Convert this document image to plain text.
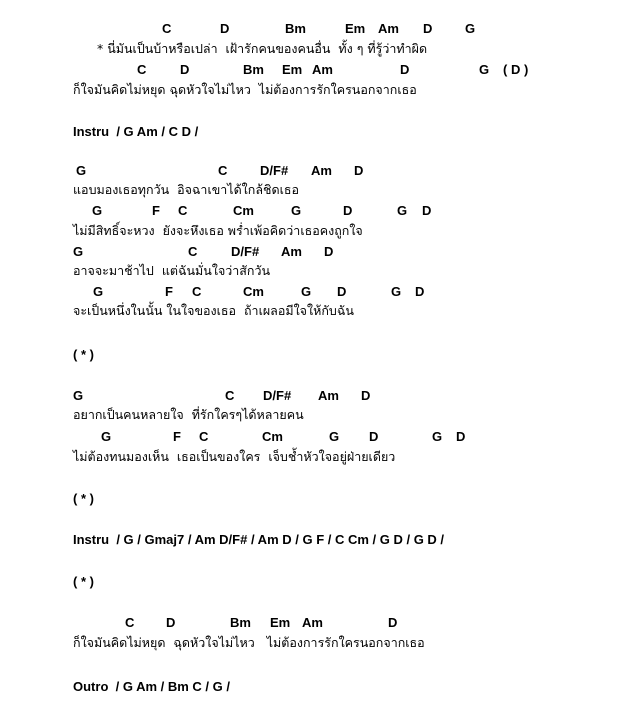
C	D	Bm	Em Am D	G
C	D	Bm Em Am	D	G ( D )
G	C	D/F# Am D
G	F C	Cm	G	D	G D
G	C	D/F# Am D
G	F C	Cm	G D	G D
G	C D/F# Am D
G	F C	Cm	G D	G D
C D	Bm Em Am	D
* นี่มันเป็นบ้าหรือเปล่า  เฝ้ารักคนของคนอื่น  ทั้ง ๆ ที่รู้ว่าทำผิด
ก็ใจมันคิดไม่หยุด ฉุดหัวใจไม่ไหว  ไม่ต้องการรักใครนอกจากเธอ
แอบมองเธอทุกวัน  อิจฉาเขาได้ใกล้ชิดเธอ
ไม่มีสิทธิ์จะหวง  ยังจะหึงเธอ พร่ำเพ้อคิดว่าเธอคงถูกใจ
อาจจะมาช้าไป  แต่ฉันมั่นใจว่าสักวัน
จะเป็นหนึ่งในนั้น ในใจของเธอ  ถ้าเผลอมีใจให้กับฉัน
อยากเป็นคนหลายใจ  ที่รักใครๆได้หลายคน
ไม่ต้องทนมองเห็น  เธอเป็นของใคร  เจ็บช้ำหัวใจอยู่ฝ่ายเดียว
ก็ใจมันคิดไม่หยุด  ฉุดหัวใจไม่ไหว   ไม่ต้องการรักใครนอกจากเธอ
Instru  / G Am / C D /
( * )
( * )
Instru  / G / Gmaj7 / Am D/F# / Am D / G F / C Cm / G D / G D /
( * )
Outro  / G Am / Bm C / G /
